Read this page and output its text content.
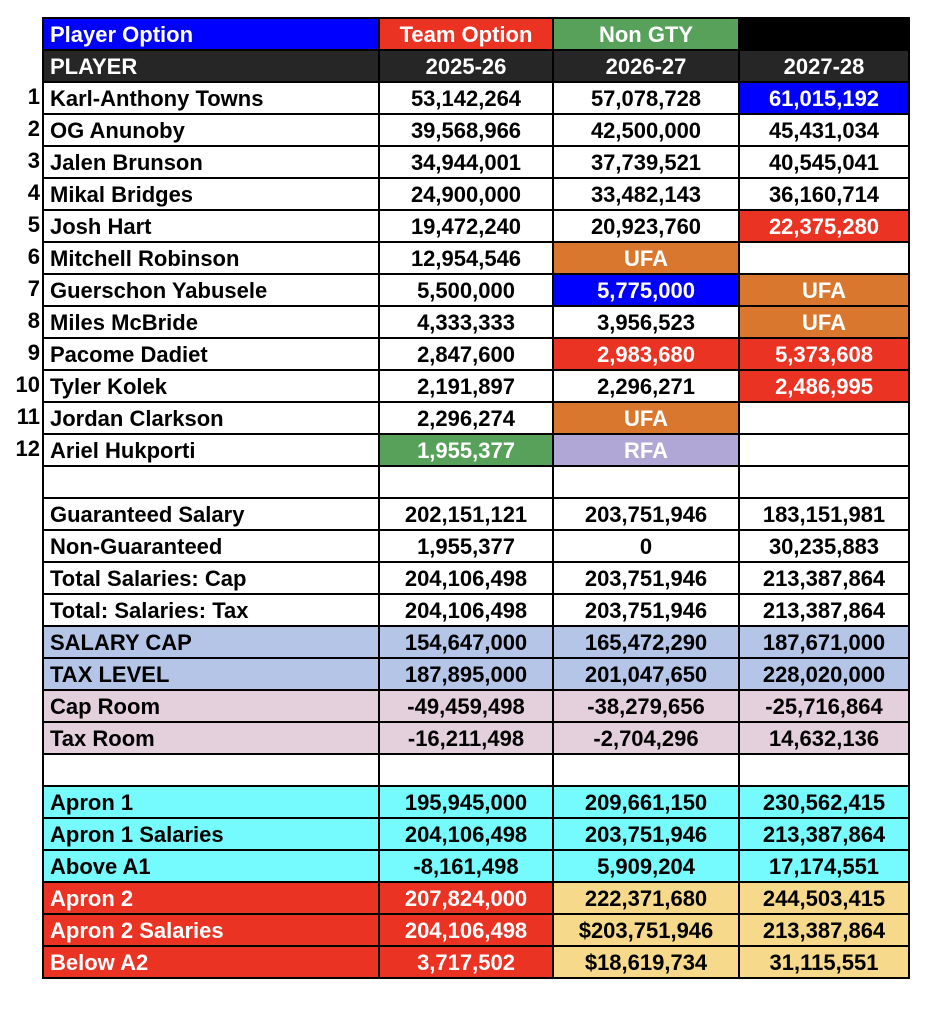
Player Option	Team Option	Non GTY
PLAYER	2025-26	2026-27	2027-28
1 Karl-Anthony Towns	53,142,264	57,078,728	61,015,192
2 OG Anunoby	39,568,966	42,500,000	45,431,034
3 Jalen Brunson	34,944,001	37,739,521	40,545,041
4 Mikal Bridges	24,900,000	33,482,143	36,160,714
5 Josh Hart	19,472,240	20,923,760	22,375,280
6 Mitchell Robinson	12,954,546	UFA
7 Guerschon Yabusele	5,500,000	5,775,000	UFA
8 Miles McBride	4,333,333	3,956,523	UFA
9 Pacome Dadiet	2,847,600	2,983,680	5,373,608
10 Tyler Kolek	2,191,897	2,296,271	2,486,995
11 Jordan Clarkson	2,296,274	UFA
12 Ariel Hukporti	1,955,377	RFA
Guaranteed Salary	202,151,121	203,751,946	183,151,981
Non-Guaranteed	1,955,377	0	30,235,883
Total Salaries: Cap	204,106,498	203,751,946	213,387,864
Total: Salaries: Tax	204,106,498	203,751,946	213,387,864
SALARY CAP	154,647,000	165,472,290	187,671,000
TAX LEVEL	187,895,000	201,047,650	228,020,000
Cap Room	-49,459,498	-38,279,656	-25,716,864
Tax Room	-16,211,498	-2,704,296	14,632,136
Apron 1	195,945,000	209,661,150	230,562,415
Apron 1 Salaries	204,106,498	203,751,946	213,387,864
Above A1	-8,161,498	5,909,204	17,174,551
Apron 2	207,824,000	222,371,680	244,503,415
Apron 2 Salaries	204,106,498	$203,751,946	213,387,864
Below A2	3,717,502	$18,619,734	31,115,551
